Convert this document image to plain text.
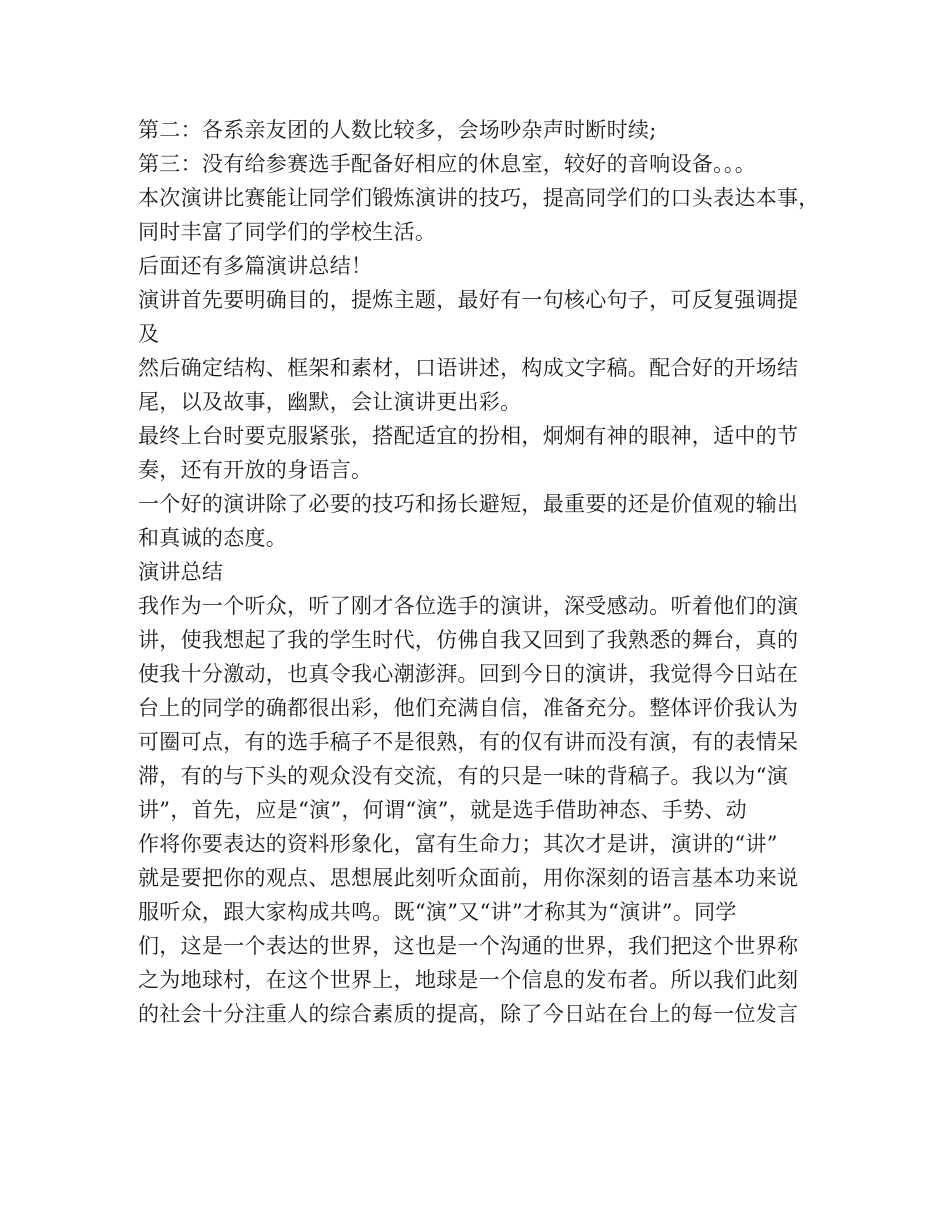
第二：各系亲友团的人数比较多，会场吵杂声时断时续;
第三：没有给参赛选手配备好相应的休息室，较好的音响设备。。。
本次演讲比赛能让同学们锻炼演讲的技巧，提高同学们的口头表达本事，
同时丰富了同学们的学校生活。
后面还有多篇演讲总结！
演讲首先要明确目的，提炼主题，最好有一句核心句子，可反复强调提
及
然后确定结构、框架和素材，口语讲述，构成文字稿。配合好的开场结
尾，以及故事，幽默，会让演讲更出彩。
最终上台时要克服紧张，搭配适宜的扮相，炯炯有神的眼神，适中的节
奏，还有开放的身语言。
一个好的演讲除了必要的技巧和扬长避短，最重要的还是价值观的输出
和真诚的态度。
演讲总结
我作为一个听众，听了刚才各位选手的演讲，深受感动。听着他们的演
讲，使我想起了我的学生时代，仿佛自我又回到了我熟悉的舞台，真的
使我十分激动，也真令我心潮澎湃。回到今日的演讲，我觉得今日站在
台上的同学的确都很出彩，他们充满自信，准备充分。整体评价我认为
可圈可点，有的选手稿子不是很熟，有的仅有讲而没有演，有的表情呆
滞，有的与下头的观众没有交流，有的只是一味的背稿子。我以为“演
讲”，首先，应是“演”，何谓“演”，就是选手借助神态、手势、动
作将你要表达的资料形象化，富有生命力；其次才是讲，演讲的“讲”
就是要把你的观点、思想展此刻听众面前，用你深刻的语言基本功来说
服听众，跟大家构成共鸣。既“演”又“讲”才称其为“演讲”。同学
们，这是一个表达的世界，这也是一个沟通的世界，我们把这个世界称
之为地球村，在这个世界上，地球是一个信息的发布者。所以我们此刻
的社会十分注重人的综合素质的提高，除了今日站在台上的每一位发言
